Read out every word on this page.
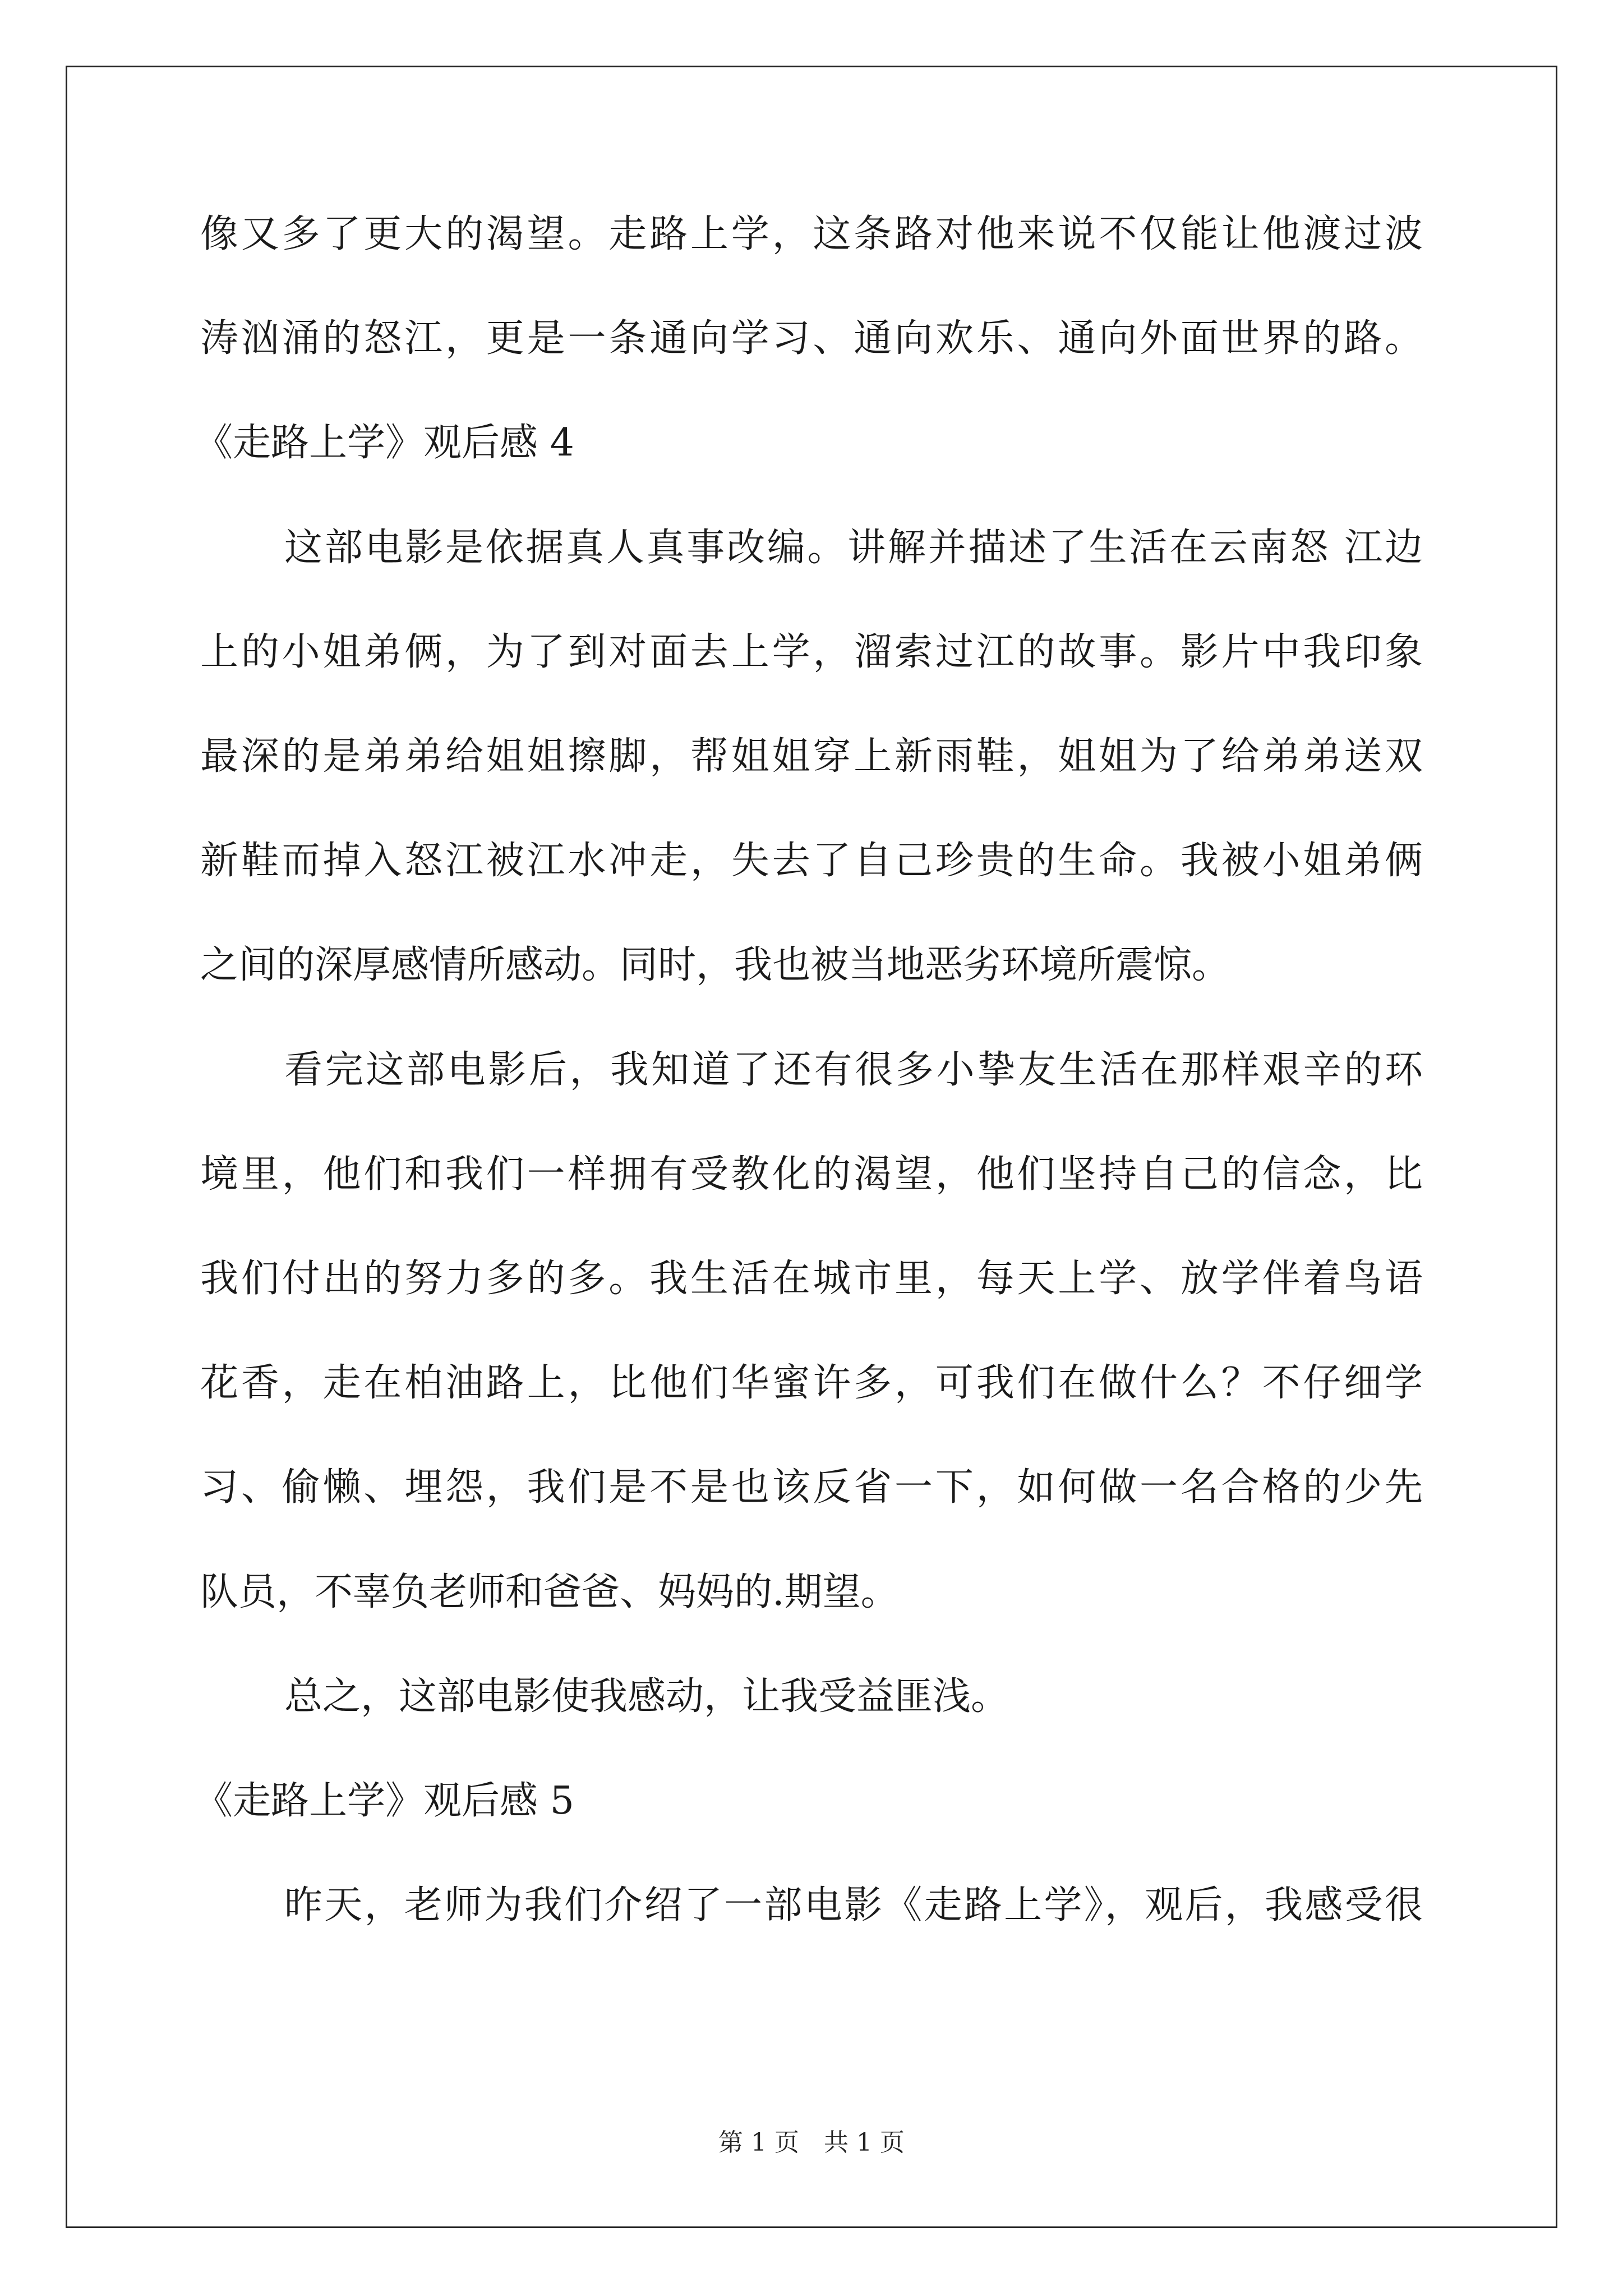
像又多了更大的渴望。走路上学，这条路对他来说不仅能让他渡过波
涛汹涌的怒江，更是一条通向学习、通向欢乐、通向外面世界的路。
《走路上学》观后感 4
这部电影是依据真人真事改编。讲解并描述了生活在云南怒 江边
上的小姐弟俩，为了到对面去上学，溜索过江的故事。影片中我印象
最深的是弟弟给姐姐擦脚，帮姐姐穿上新雨鞋，姐姐为了给弟弟送双
新鞋而掉入怒江被江水冲走，失去了自己珍贵的生命。我被小姐弟俩
之间的深厚感情所感动。同时，我也被当地恶劣环境所震惊。
看完这部电影后，我知道了还有很多小挚友生活在那样艰辛的环
境里，他们和我们一样拥有受教化的渴望，他们坚持自己的信念，比
我们付出的努力多的多。我生活在城市里，每天上学、放学伴着鸟语
花香，走在柏油路上，比他们华蜜许多，可我们在做什么？不仔细学
习、偷懒、埋怨，我们是不是也该反省一下，如何做一名合格的少先
队员，不辜负老师和爸爸、妈妈的.期望。
总之，这部电影使我感动，让我受益匪浅。
《走路上学》观后感 5
昨天，老师为我们介绍了一部电影《走路上学》，观后，我感受很
第 1 页　共 1 页
